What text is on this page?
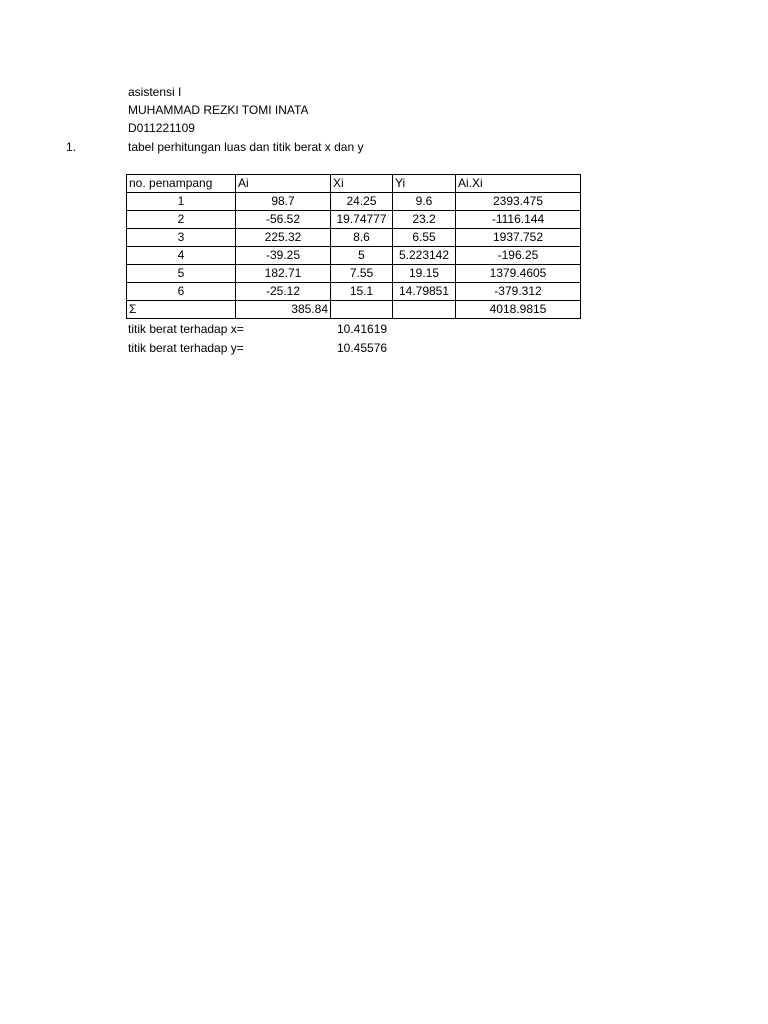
asistensi I
MUHAMMAD REZKI TOMI INATA
D011221109
1.	tabel perhitungan luas dan titik berat x dan y
no. penampang	Ai	Xi	Yi	Ai.Xi
1	98.7	24.25	9.6	2393.475
2	-56.52	19.74777	23.2	-1116.144
3	225.32	8.6	6.55	1937.752
4	-39.25	5	5.223142	-196.25
5	182.71	7.55	19.15	1379.4605
6	-25.12	15.1	14.79851	-379.312
Σ	385.84			4018.9815
titik berat terhadap x=	10.41619
titik berat terhadap y=	10.45576
